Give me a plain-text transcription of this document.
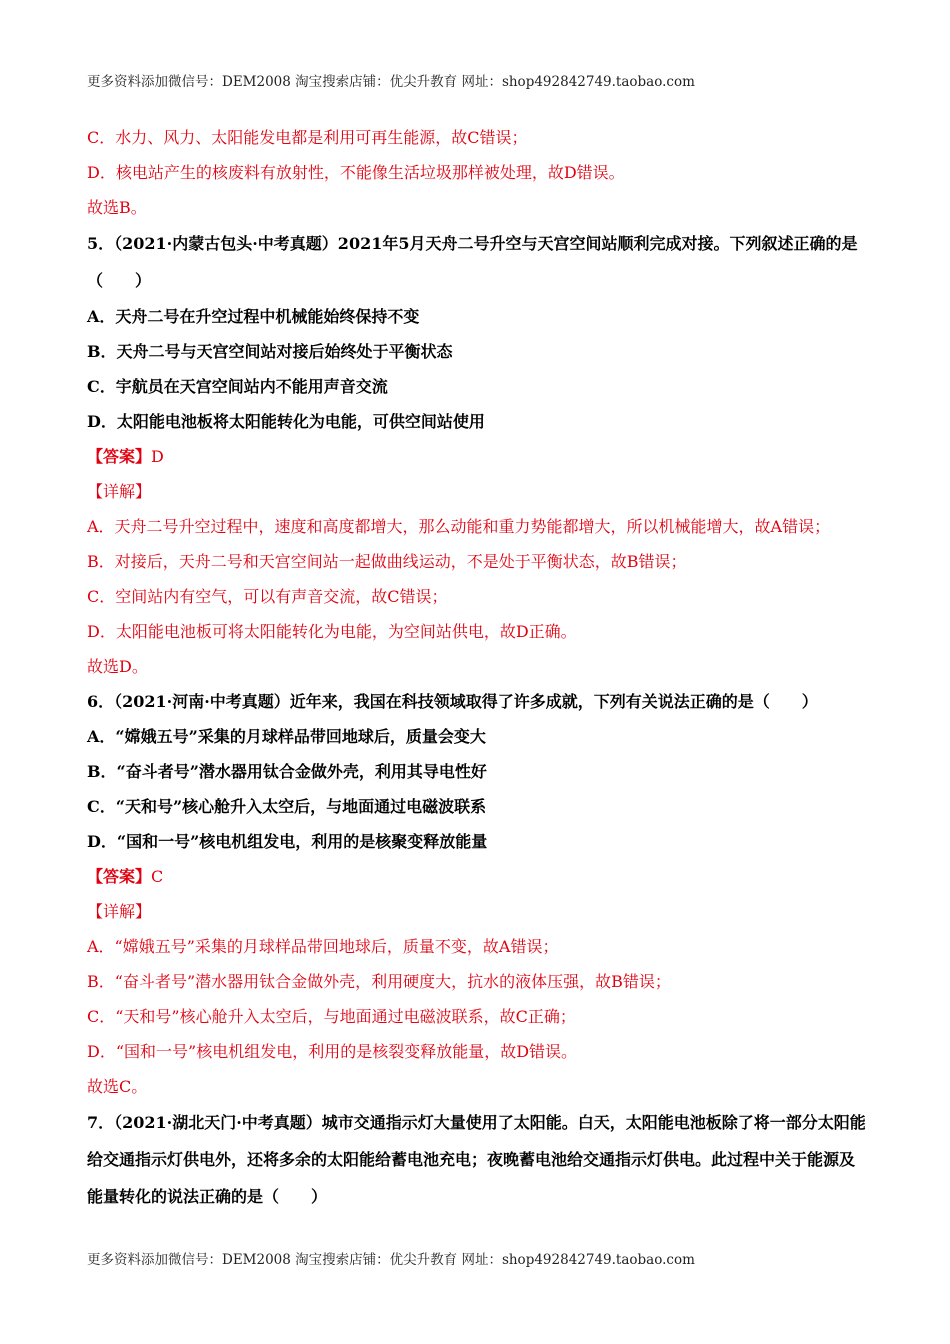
更多资料添加微信号：DEM2008 淘宝搜索店铺：优尖升教育 网址：shop492842749.taobao.com
C．水力、风力、太阳能发电都是利用可再生能源，故C错误；
D．核电站产生的核废料有放射性，不能像生活垃圾那样被处理，故D错误。
故选B。
5．（2021·内蒙古包头·中考真题）2021年5月天舟二号升空与天宫空间站顺利完成对接。下列叙述正确的是（　　）
A．天舟二号在升空过程中机械能始终保持不变
B．天舟二号与天宫空间站对接后始终处于平衡状态
C．宇航员在天宫空间站内不能用声音交流
D．太阳能电池板将太阳能转化为电能，可供空间站使用
【答案】D
【详解】
A．天舟二号升空过程中，速度和高度都增大，那么动能和重力势能都增大，所以机械能增大，故A错误；
B．对接后，天舟二号和天宫空间站一起做曲线运动，不是处于平衡状态，故B错误；
C．空间站内有空气，可以有声音交流，故C错误；
D．太阳能电池板可将太阳能转化为电能，为空间站供电，故D正确。
故选D。
6．（2021·河南·中考真题）近年来，我国在科技领域取得了许多成就，下列有关说法正确的是（　　）
A．“嫦娥五号”采集的月球样品带回地球后，质量会变大
B．“奋斗者号”潜水器用钛合金做外壳，利用其导电性好
C．“天和号”核心舱升入太空后，与地面通过电磁波联系
D．“国和一号”核电机组发电，利用的是核聚变释放能量
【答案】C
【详解】
A．“嫦娥五号”采集的月球样品带回地球后，质量不变，故A错误；
B．“奋斗者号”潜水器用钛合金做外壳，利用硬度大，抗水的液体压强，故B错误；
C．“天和号”核心舱升入太空后，与地面通过电磁波联系，故C正确；
D．“国和一号”核电机组发电，利用的是核裂变释放能量，故D错误。
故选C。
7．（2021·湖北天门·中考真题）城市交通指示灯大量使用了太阳能。白天，太阳能电池板除了将一部分太阳能给交通指示灯供电外，还将多余的太阳能给蓄电池充电；夜晚蓄电池给交通指示灯供电。此过程中关于能源及能量转化的说法正确的是（　　）
更多资料添加微信号：DEM2008 淘宝搜索店铺：优尖升教育 网址：shop492842749.taobao.com
